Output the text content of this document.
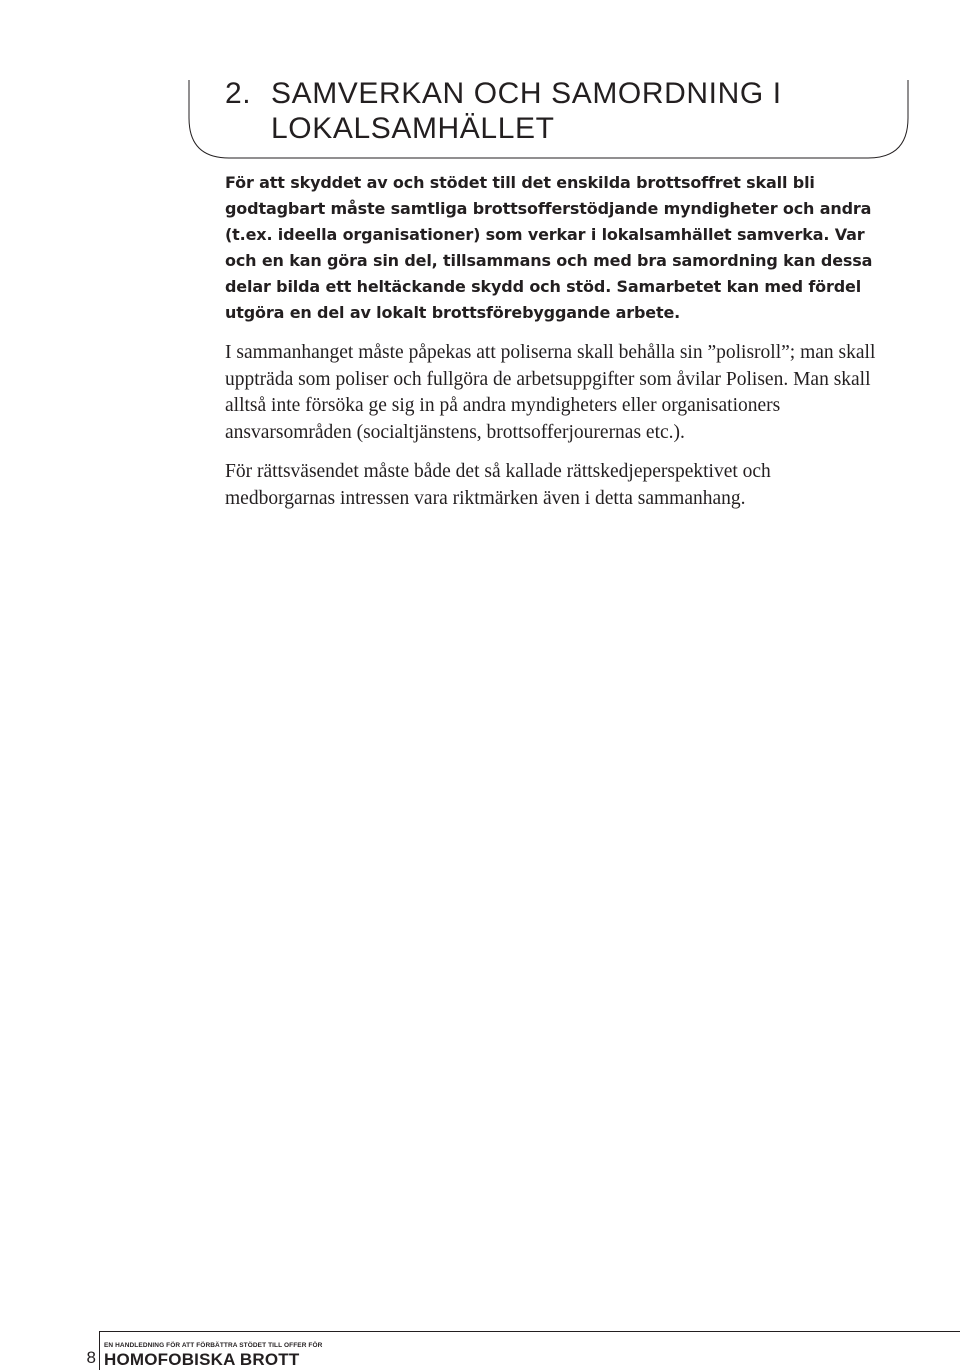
2. SAMVERKAN OCH SAMORDNING I
LOKALSAMHÄLLET

För att skyddet av och stödet till det enskilda brottsoffret skall bli godtagbart måste samtliga brottsofferstödjande myndigheter och andra (t.ex. ideella organisationer) som verkar i lokalsamhället samverka. Var och en kan göra sin del, tillsammans och med bra samordning kan dessa delar bilda ett heltäckande skydd och stöd. Samarbetet kan med fördel utgöra en del av lokalt brottsförebyggande arbete.

I sammanhanget måste påpekas att poliserna skall behålla sin ”polisroll”; man skall uppträda som poliser och fullgöra de arbetsuppgifter som åvilar Polisen. Man skall alltså inte försöka ge sig in på andra myndigheters eller organisationers ansvarsområden (socialtjänstens, brottsofferjourernas etc.).

För rättsväsendet måste både det så kallade rättskedjeperspektivet och medborgarnas intressen vara riktmärken även i detta sammanhang.

8
EN HANDLEDNING FÖR ATT FÖRBÄTTRA STÖDET TILL OFFER FÖR
HOMOFOBISKA BROTT
